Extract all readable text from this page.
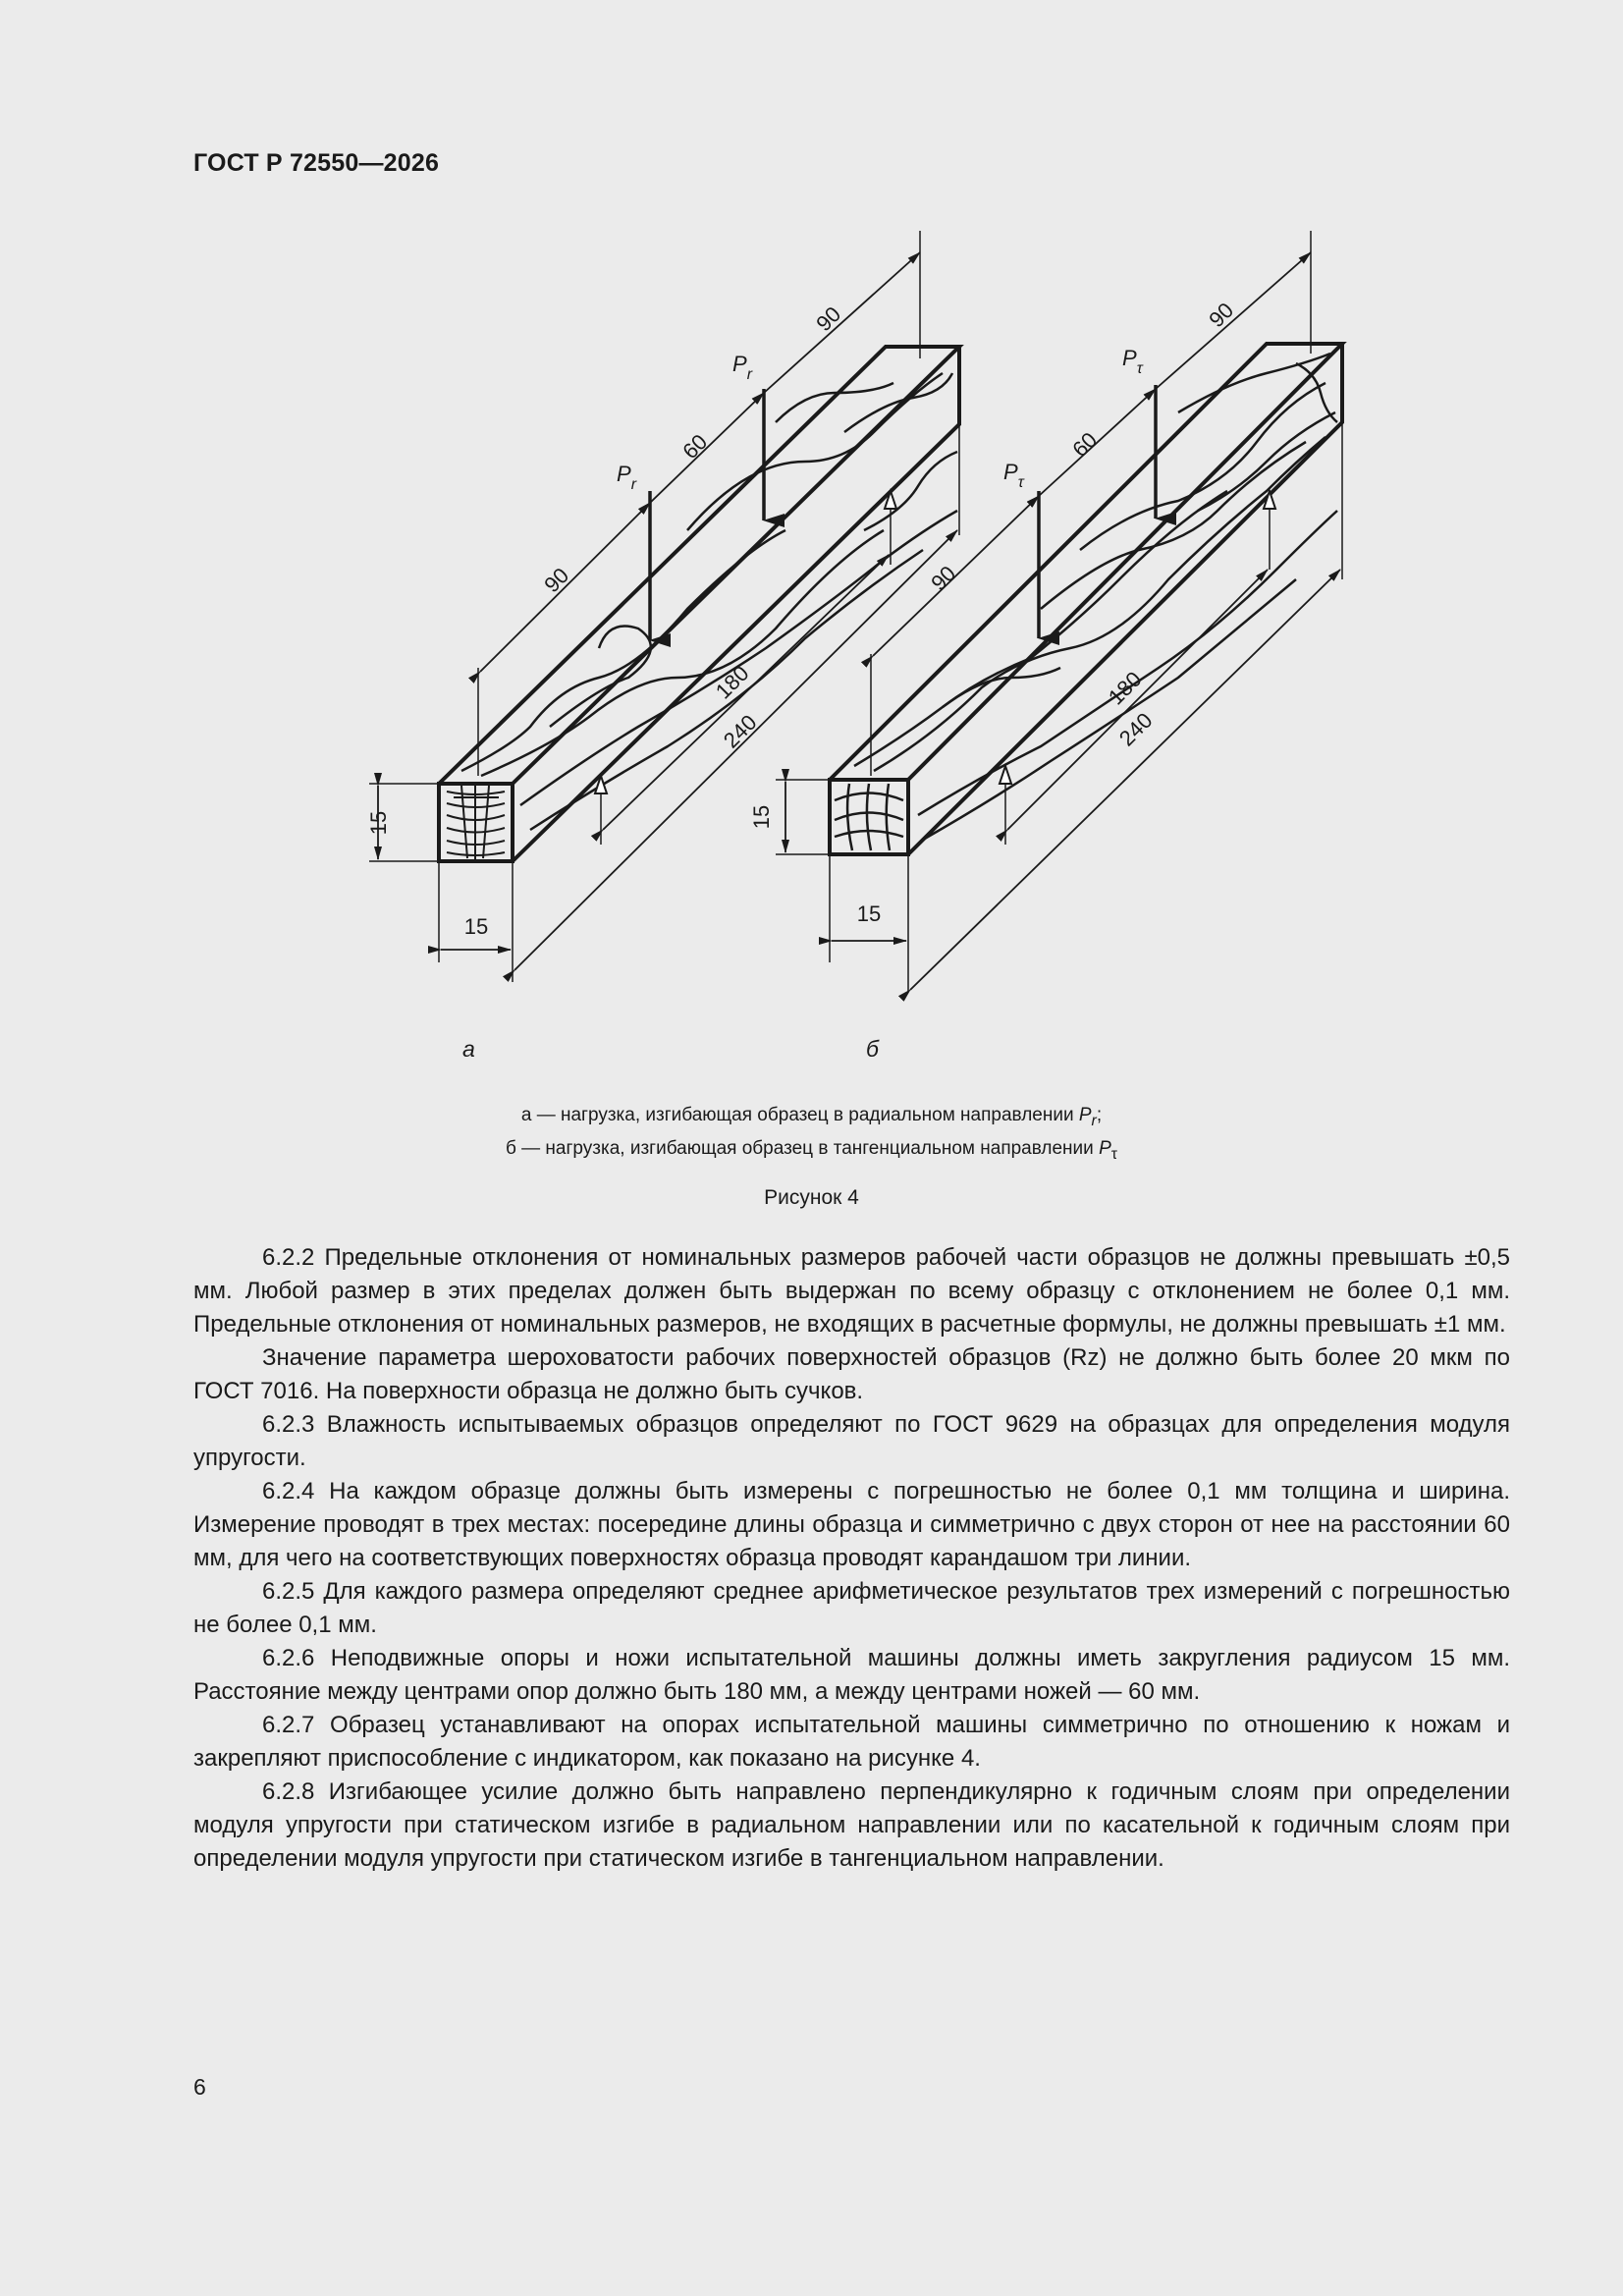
ГОСТ Р 72550—2026
15
15
90
60
90
180
240
$P_r$
$P_r$
15
15
90
60
90
180
240
$P_\tau$
$P_\tau$
а	б
а — нагрузка, изгибающая образец в радиальном направлении $P_r$;
б — нагрузка, изгибающая образец в тангенциальном направлении $P_\tau$
Рисунок 4

6.2.2 Предельные отклонения от номинальных размеров рабочей части образцов не должны превышать ±0,5 мм. Любой размер в этих пределах должен быть выдержан по всему образцу с отклонением не более 0,1 мм. Предельные отклонения от номинальных размеров, не входящих в расчетные формулы, не должны превышать ±1 мм.

Значение параметра шероховатости рабочих поверхностей образцов (Rz) не должно быть более 20 мкм по ГОСТ 7016. На поверхности образца не должно быть сучков.

6.2.3 Влажность испытываемых образцов определяют по ГОСТ 9629 на образцах для определения модуля упругости.

6.2.4 На каждом образце должны быть измерены с погрешностью не более 0,1 мм толщина и ширина. Измерение проводят в трех местах: посередине длины образца и симметрично с двух сторон от нее на расстоянии 60 мм, для чего на соответствующих поверхностях образца проводят карандашом три линии.

6.2.5 Для каждого размера определяют среднее арифметическое результатов трех измерений с погрешностью не более 0,1 мм.

6.2.6 Неподвижные опоры и ножи испытательной машины должны иметь закругления радиусом 15 мм. Расстояние между центрами опор должно быть 180 мм, а между центрами ножей — 60 мм.

6.2.7 Образец устанавливают на опорах испытательной машины симметрично по отношению к ножам и закрепляют приспособление с индикатором, как показано на рисунке 4.

6.2.8 Изгибающее усилие должно быть направлено перпендикулярно к годичным слоям при определении модуля упругости при статическом изгибе в радиальном направлении или по касательной к годичным слоям при определении модуля упругости при статическом изгибе в тангенциальном направлении.

6
